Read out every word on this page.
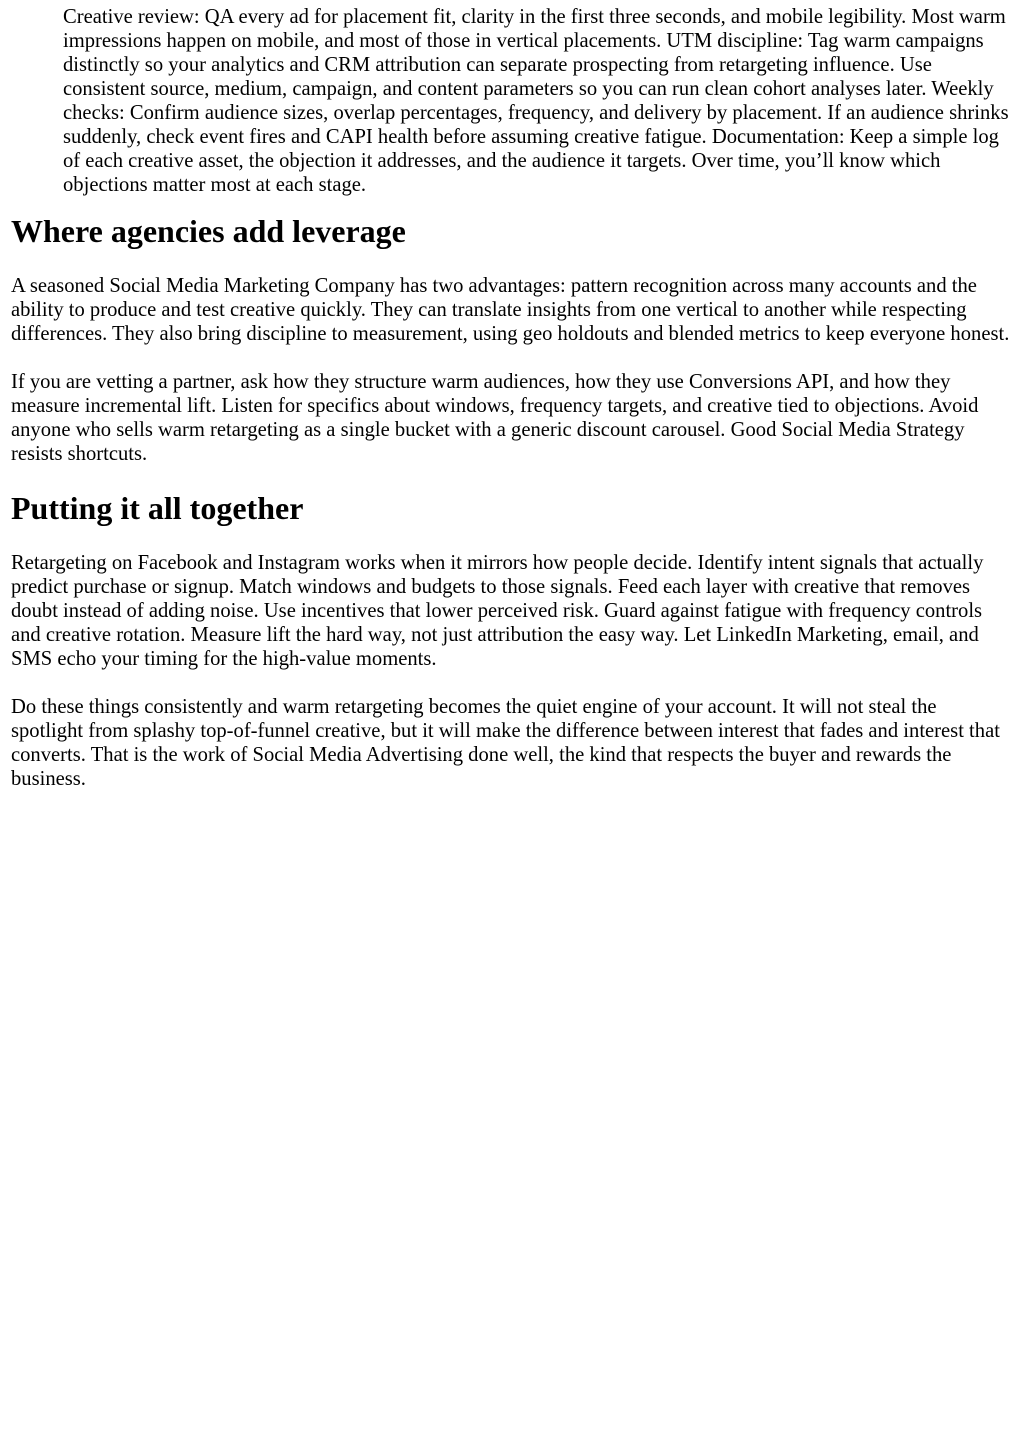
Creative review: QA every ad for placement fit, clarity in the first three seconds, and mobile legibility. Most warm impressions happen on mobile, and most of those in vertical placements. UTM discipline: Tag warm campaigns distinctly so your analytics and CRM attribution can separate prospecting from retargeting influence. Use consistent source, medium, campaign, and content parameters so you can run clean cohort analyses later. Weekly checks: Confirm audience sizes, overlap percentages, frequency, and delivery by placement. If an audience shrinks suddenly, check event fires and CAPI health before assuming creative fatigue. Documentation: Keep a simple log of each creative asset, the objection it addresses, and the audience it targets. Over time, you’ll know which objections matter most at each stage.
Where agencies add leverage

A seasoned Social Media Marketing Company has two advantages: pattern recognition across many accounts and the ability to produce and test creative quickly. They can translate insights from one vertical to another while respecting differences. They also bring discipline to measurement, using geo holdouts and blended metrics to keep everyone honest.

If you are vetting a partner, ask how they structure warm audiences, how they use Conversions API, and how they measure incremental lift. Listen for specifics about windows, frequency targets, and creative tied to objections. Avoid anyone who sells warm retargeting as a single bucket with a generic discount carousel. Good Social Media Strategy resists shortcuts.

Putting it all together

Retargeting on Facebook and Instagram works when it mirrors how people decide. Identify intent signals that actually predict purchase or signup. Match windows and budgets to those signals. Feed each layer with creative that removes doubt instead of adding noise. Use incentives that lower perceived risk. Guard against fatigue with frequency controls and creative rotation. Measure lift the hard way, not just attribution the easy way. Let LinkedIn Marketing, email, and SMS echo your timing for the high-value moments.

Do these things consistently and warm retargeting becomes the quiet engine of your account. It will not steal the spotlight from splashy top-of-funnel creative, but it will make the difference between interest that fades and interest that converts. That is the work of Social Media Advertising done well, the kind that respects the buyer and rewards the business.
